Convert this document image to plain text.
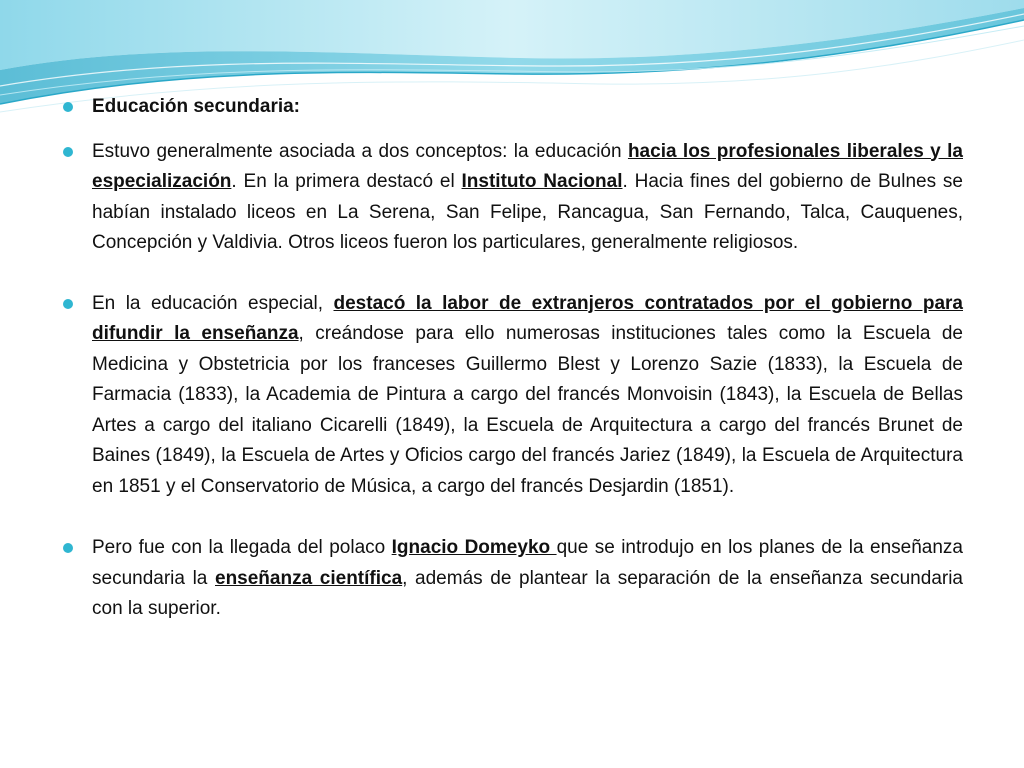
Educación secundaria:

Estuvo generalmente asociada a dos conceptos: la educación hacia los profesionales liberales y la especialización. En la primera destacó el Instituto Nacional. Hacia fines del gobierno de Bulnes se habían instalado liceos en La Serena, San Felipe, Rancagua, San Fernando, Talca, Cauquenes, Concepción y Valdivia. Otros liceos fueron los particulares, generalmente religiosos.

En la educación especial, destacó la labor de extranjeros contratados por el gobierno para difundir la enseñanza, creándose para ello numerosas instituciones tales como la Escuela de Medicina y Obstetricia por los franceses Guillermo Blest y Lorenzo Sazie (1833), la Escuela de Farmacia (1833), la Academia de Pintura a cargo del francés Monvoisin (1843), la Escuela de Bellas Artes a cargo del italiano Cicarelli (1849), la Escuela de Arquitectura a cargo del francés Brunet de Baines (1849), la Escuela de Artes y Oficios cargo del francés Jariez (1849), la Escuela de Arquitectura en 1851 y el Conservatorio de Música, a cargo del francés Desjardin (1851).

Pero fue con la llegada del polaco Ignacio Domeyko que se introdujo en los planes de la enseñanza secundaria la enseñanza científica, además de plantear la separación de la enseñanza secundaria con la superior.
